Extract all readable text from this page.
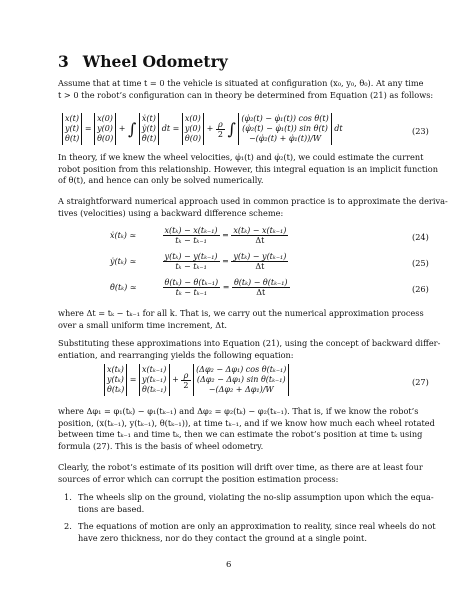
3 Wheel Odometry
Assume that at time t = 0 the vehicle is situated at configuration (x₀, y₀, θ₀). At any time
t > 0 the robot’s configuration can in theory be determined from Equation (21) as follows:
x(t)
y(t)
θ(t)
=
x(0)
y(0)
θ(0)
+ ∫
ẋ(t)
ẏ(t)
θ̇(t)
dt =
x(0)
y(0)
θ(0)
+ $\frac{\rho}{2}$ ∫
(φ̇₂(t) − φ̇₁(t)) cos θ(t)
(φ̇₂(t) − φ̇₁(t)) sin θ(t)
−(φ̇₂(t) + φ̇₁(t))/W
dt	(23)
In theory, if we knew the wheel velocities, φ̇₁(t) and φ̇₂(t), we could estimate the current
robot position from this relationship. However, this integral equation is an implicit function
of θ(t), and hence can only be solved numerically.
A straightforward numerical approach used in common practice is to approximate the deriva-
tives (velocities) using a backward difference scheme:
ẋ(tₖ) ≃	$\frac{\text{x(tₖ) − x(tₖ₋₁)}}{\text{tₖ − tₖ₋₁}} = \frac{\text{x(tₖ) − x(tₖ₋₁)}}{\Delta t}$	(24)
ẏ(tₖ) ≃	$\frac{\text{y(tₖ) − y(tₖ₋₁)}}{\text{tₖ − tₖ₋₁}} = \frac{\text{y(tₖ) − y(tₖ₋₁)}}{\Delta t}$	(25)
θ̇(tₖ) ≃	$\frac{\text{θ(tₖ) − θ(tₖ₋₁)}}{\text{tₖ − tₖ₋₁}} = \frac{\text{θ(tₖ) − θ(tₖ₋₁)}}{\Delta t}$	(26)
where Δt = tₖ − tₖ₋₁ for all k. That is, we carry out the numerical approximation process
over a small uniform time increment, Δt.
Substituting these approximations into Equation (21), using the concept of backward differ-
entiation, and rearranging yields the following equation:
x(tₖ)
y(tₖ)
θ(tₖ)
=
x(tₖ₋₁)
y(tₖ₋₁)
θ(tₖ₋₁)
+ $\frac{\rho}{2}$

(Δφ₂ − Δφ₁) cos θ(tₖ₋₁)
(Δφ₂ − Δφ₁) sin θ(tₖ₋₁)
−(Δφ₂ + Δφ₁)/W
(27)
where Δφ₁ = φ₁(tₖ) − φ₁(tₖ₋₁) and Δφ₂ = φ₂(tₖ) − φ₂(tₖ₋₁). That is, if we know the robot’s
position, (x(tₖ₋₁), y(tₖ₋₁), θ(tₖ₋₁)), at time tₖ₋₁, and if we know how much each wheel rotated
between time tₖ₋₁ and time tₖ, then we can estimate the robot’s position at time tₖ using
formula (27). This is the basis of wheel odometry.
Clearly, the robot’s estimate of its position will drift over time, as there are at least four
sources of error which can corrupt the position estimation process:
1. The wheels slip on the ground, violating the no-slip assumption upon which the equa-
tions are based.
2. The equations of motion are only an approximation to reality, since real wheels do not
have zero thickness, nor do they contact the ground at a single point.
6
